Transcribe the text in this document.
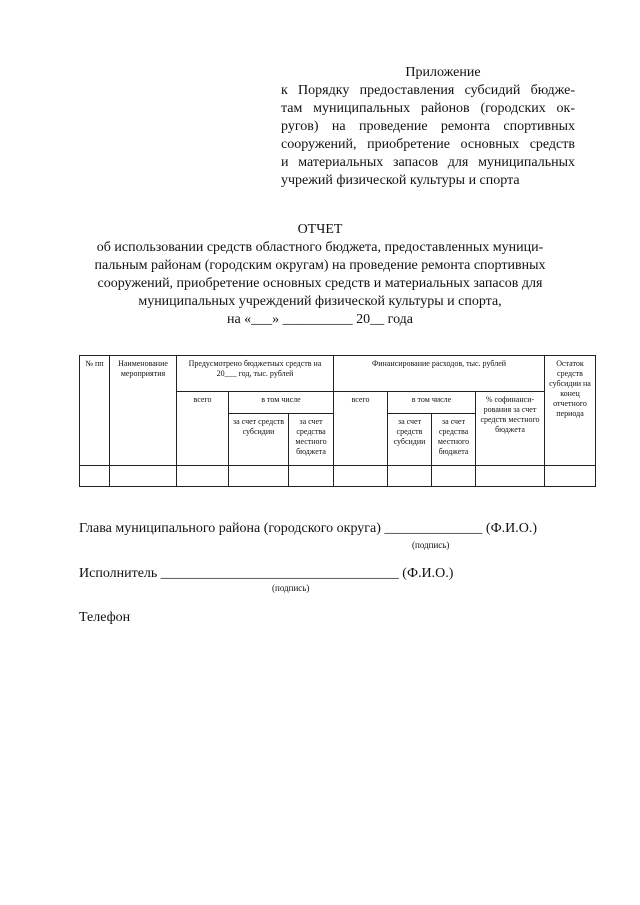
Приложение
к Порядку предоставления субсидий бюдже-
там муниципальных районов (городских ок-
ругов) на проведение ремонта спортивных
сооружений, приобретение основных средств
и материальных запасов для муниципальных
учрежий физической культуры и спорта
ОТЧЕТ
об использовании средств областного бюджета, предоставленных муници-
пальным районам (городским округам) на проведение ремонта спортивных
сооружений, приобретение основных средств и материальных запасов для
муниципальных учреждений физической культуры и спорта,
на «___» __________ 20__ года
№ пп	Наименование мероприятия	Предусмотрено бюджетных средств на 20___ год, тыс. рублей			Финансирование расходов, тыс. рублей				Остаток средств субсидии на конец отчетного периода
		всего	в том числе		всего	в том числе		% софинанси-рования за счет средств местного бюджета	
			за счет средств субсидии	за счет средства местного бюджета		за счет средств субсидии	за счет средства местного бюджета		

Глава муниципального района (городского округа) ______________ (Ф.И.О.)
(подпись)
Исполнитель __________________________________ (Ф.И.О.)
(подпись)
Телефон
